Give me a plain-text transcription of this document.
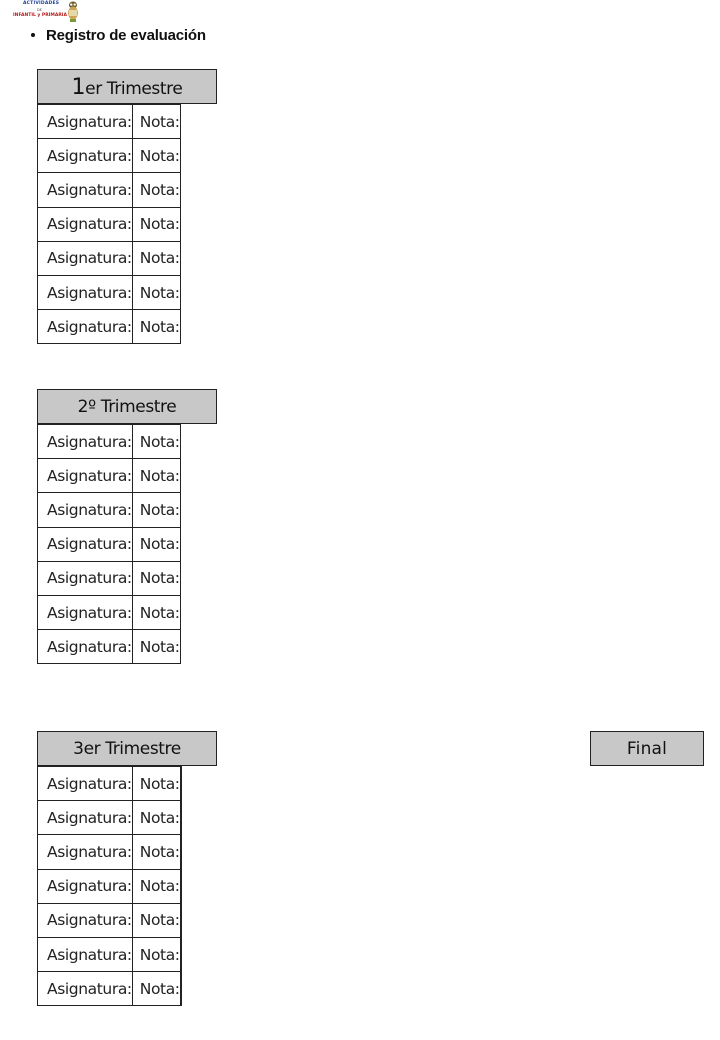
ACTIVIDADES
DE
INFANTIL y PRIMARIA
Registro de evaluación
1er Trimestre
Asignatura:	Nota:
Asignatura:	Nota:
Asignatura:	Nota:
Asignatura:	Nota:
Asignatura:	Nota:
Asignatura:	Nota:
Asignatura:	Nota:
2º Trimestre
Asignatura:	Nota:
Asignatura:	Nota:
Asignatura:	Nota:
Asignatura:	Nota:
Asignatura:	Nota:
Asignatura:	Nota:
Asignatura:	Nota:
3er Trimestre	Final
Asignatura:	Nota:	
Asignatura:	Nota:	
Asignatura:	Nota:	
Asignatura:	Nota:	
Asignatura:	Nota:	
Asignatura:	Nota:	
Asignatura:	Nota:	
